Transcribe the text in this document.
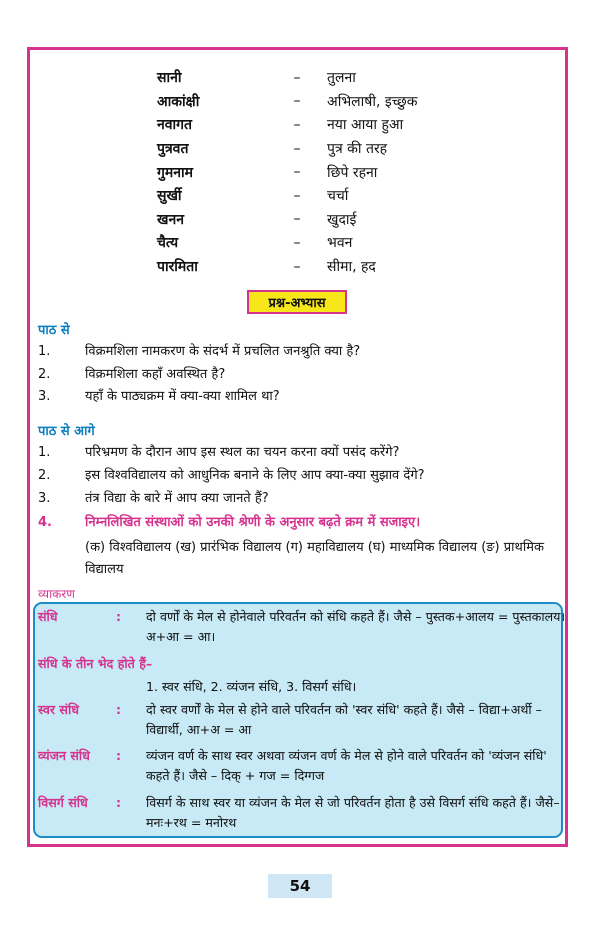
सानी	–	तुलना
आकांक्षी	–	अभिलाषी, इच्छुक
नवागत	–	नया आया हुआ
पुत्रवत	–	पुत्र की तरह
गुमनाम	–	छिपे रहना
सुर्खी	–	चर्चा
खनन	–	खुदाई
चैत्य	–	भवन
पारमिता	–	सीमा, हद
प्रश्न-अभ्यास
पाठ से
1.	विक्रमशिला नामकरण के संदर्भ में प्रचलित जनश्रुति क्या है?
2.	विक्रमशिला कहाँ अवस्थित है?
3.	यहाँ के पाठ्यक्रम में क्या-क्या शामिल था?
पाठ से आगे
1.	परिभ्रमण के दौरान आप इस स्थल का चयन करना क्यों पसंद करेंगे?
2.	इस विश्वविद्यालय को आधुनिक बनाने के लिए आप क्या-क्या सुझाव देंगे?
3.	तंत्र विद्या के बारे में आप क्या जानते हैं?
4.	निम्नलिखित संस्थाओं को उनकी श्रेणी के अनुसार बढ़ते क्रम में सजाइए।
(क) विश्वविद्यालय (ख) प्रारंभिक विद्यालय (ग) महाविद्यालय (घ) माध्यमिक विद्यालय (ङ) प्राथमिक विद्यालय
व्याकरण
संधि	: दो वर्णों के मेल से होनेवाले परिवर्तन को संधि कहते हैं। जैसे – पुस्तक+आलय = पुस्तकालय। अ+आ = आ।
संधि के तीन भेद होते हैं–
1. स्वर संधि, 2. व्यंजन संधि, 3. विसर्ग संधि।
स्वर संधि	: दो स्वर वर्णों के मेल से होने वाले परिवर्तन को 'स्वर संधि' कहते हैं। जैसे – विद्या+अर्थी – विद्यार्थी, आ+अ = आ
व्यंजन संधि : व्यंजन वर्ण के साथ स्वर अथवा व्यंजन वर्ण के मेल से होने वाले परिवर्तन को 'व्यंजन संधि' कहते हैं। जैसे – दिक् + गज = दिग्गज
विसर्ग संधि : विसर्ग के साथ स्वर या व्यंजन के मेल से जो परिवर्तन होता है उसे विसर्ग संधि कहते हैं। जैसे– मनः+रथ = मनोरथ
54
